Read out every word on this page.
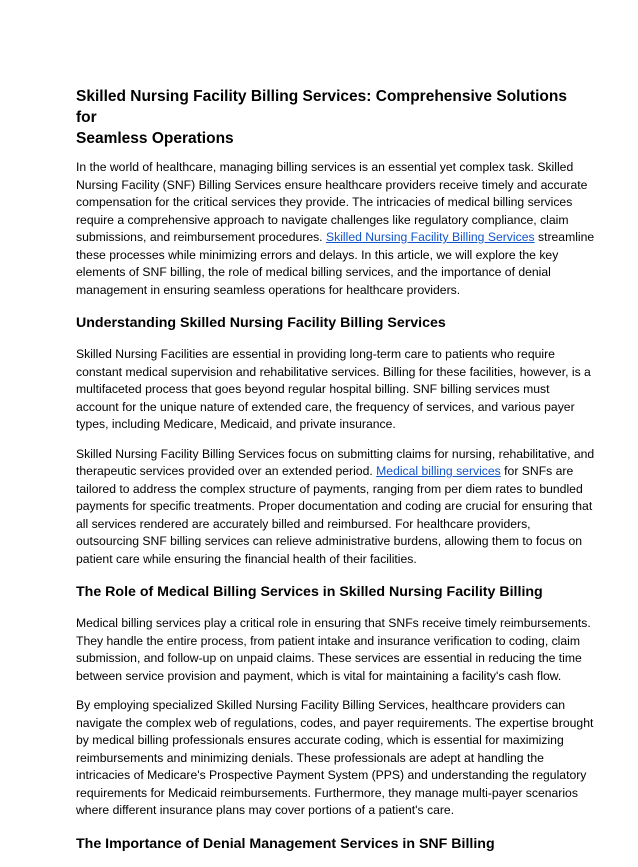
Skilled Nursing Facility Billing Services: Comprehensive Solutions for
Seamless Operations

In the world of healthcare, managing billing services is an essential yet complex task. Skilled
Nursing Facility (SNF) Billing Services ensure healthcare providers receive timely and accurate
compensation for the critical services they provide. The intricacies of medical billing services
require a comprehensive approach to navigate challenges like regulatory compliance, claim
submissions, and reimbursement procedures. Skilled Nursing Facility Billing Services streamline
these processes while minimizing errors and delays. In this article, we will explore the key
elements of SNF billing, the role of medical billing services, and the importance of denial
management in ensuring seamless operations for healthcare providers.

Understanding Skilled Nursing Facility Billing Services

Skilled Nursing Facilities are essential in providing long-term care to patients who require
constant medical supervision and rehabilitative services. Billing for these facilities, however, is a
multifaceted process that goes beyond regular hospital billing. SNF billing services must
account for the unique nature of extended care, the frequency of services, and various payer
types, including Medicare, Medicaid, and private insurance.

Skilled Nursing Facility Billing Services focus on submitting claims for nursing, rehabilitative, and
therapeutic services provided over an extended period. Medical billing services for SNFs are
tailored to address the complex structure of payments, ranging from per diem rates to bundled
payments for specific treatments. Proper documentation and coding are crucial for ensuring that
all services rendered are accurately billed and reimbursed. For healthcare providers,
outsourcing SNF billing services can relieve administrative burdens, allowing them to focus on
patient care while ensuring the financial health of their facilities.

The Role of Medical Billing Services in Skilled Nursing Facility Billing

Medical billing services play a critical role in ensuring that SNFs receive timely reimbursements.
They handle the entire process, from patient intake and insurance verification to coding, claim
submission, and follow-up on unpaid claims. These services are essential in reducing the time
between service provision and payment, which is vital for maintaining a facility's cash flow.

By employing specialized Skilled Nursing Facility Billing Services, healthcare providers can
navigate the complex web of regulations, codes, and payer requirements. The expertise brought
by medical billing professionals ensures accurate coding, which is essential for maximizing
reimbursements and minimizing denials. These professionals are adept at handling the
intricacies of Medicare's Prospective Payment System (PPS) and understanding the regulatory
requirements for Medicaid reimbursements. Furthermore, they manage multi-payer scenarios
where different insurance plans may cover portions of a patient's care.

The Importance of Denial Management Services in SNF Billing
